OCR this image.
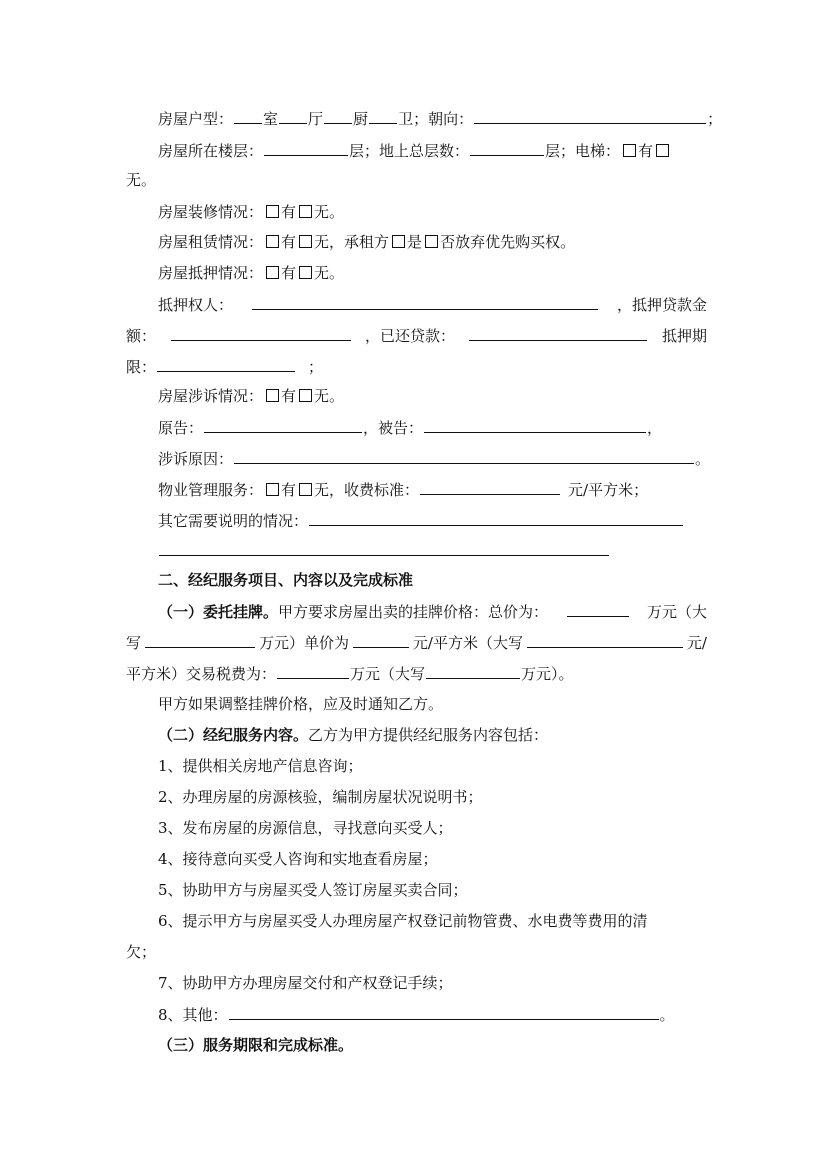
房屋户型： 室 厅 厨 卫；朝向：	；
房屋所在楼层：	层；地上总层数：	层；电梯： 有
无。
房屋装修情况： 有 无。
房屋租赁情况： 有 无，承租方 是 否放弃优先购买权。
房屋抵押情况： 有 无。
抵押权人：	，抵押贷款金
额：	，已还贷款：	抵押期
限：	；
房屋涉诉情况： 有 无。
原告：	，被告：	，
涉诉原因：	。
物业管理服务： 有 无，收费标准：	元/平方米；
其它需要说明的情况：
二、经纪服务项目、内容以及完成标准
（一）委托挂牌。甲方要求房屋出卖的挂牌价格：总价为：	万元（大
写	万元）单价为	元/平方米（大写	元/
平方米）交易税费为：	万元（大写	万元）。
甲方如果调整挂牌价格，应及时通知乙方。
（二）经纪服务内容。乙方为甲方提供经纪服务内容包括：
1、提供相关房地产信息咨询；
2、办理房屋的房源核验，编制房屋状况说明书；
3、发布房屋的房源信息，寻找意向买受人；
4、接待意向买受人咨询和实地查看房屋；
5、协助甲方与房屋买受人签订房屋买卖合同；
6、提示甲方与房屋买受人办理房屋产权登记前物管费、水电费等费用的清
欠；
7、协助甲方办理房屋交付和产权登记手续；
8、其他：	。
（三）服务期限和完成标准。
